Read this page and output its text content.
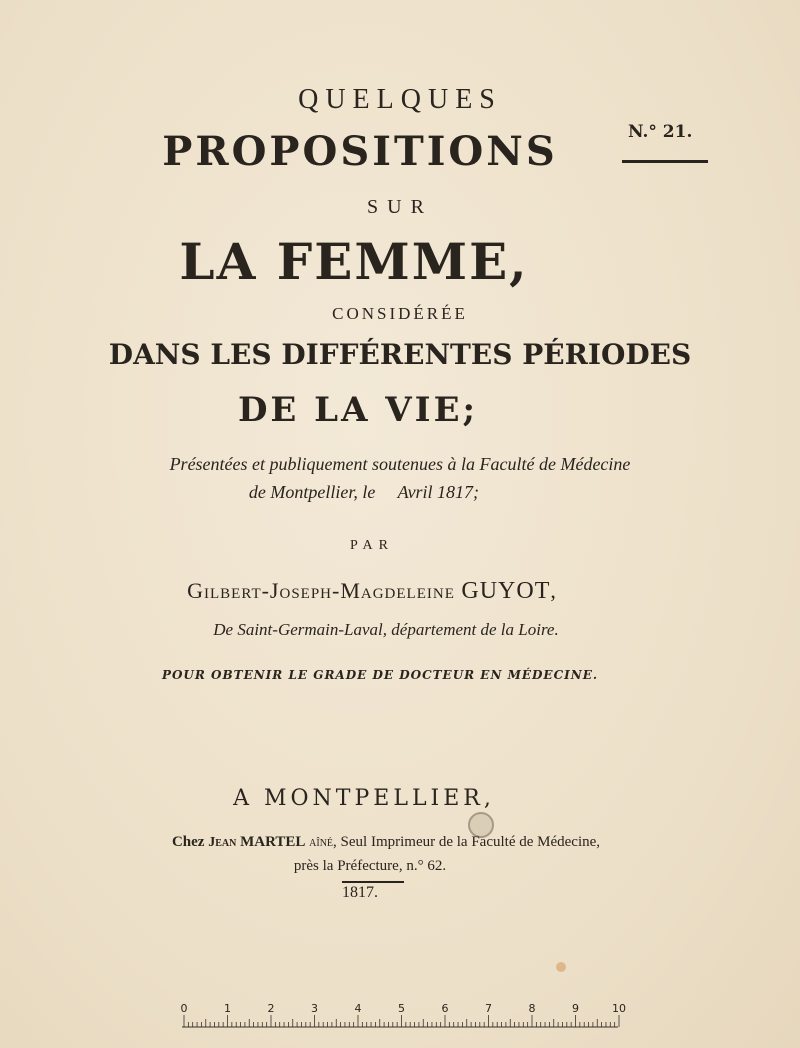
QUELQUES
PROPOSITIONS
SUR
LA FEMME,
CONSIDÉRÉE
DANS LES DIFFÉRENTES PÉRIODES
DE LA VIE;
N.° 21.
Présentées et publiquement soutenues à la Faculté de Médecine
de Montpellier, le     Avril 1817;
PAR
Gilbert-Joseph-Magdeleine GUYOT,
De Saint-Germain-Laval, département de la Loire.
POUR OBTENIR LE GRADE DE DOCTEUR EN MÉDECINE.
A MONTPELLIER,
Chez Jean MARTEL aîné, Seul Imprimeur de la Faculté de Médecine,
près la Préfecture, n.° 62.
1817.
0	1	2	3	4	5	6	7	8	9	10
